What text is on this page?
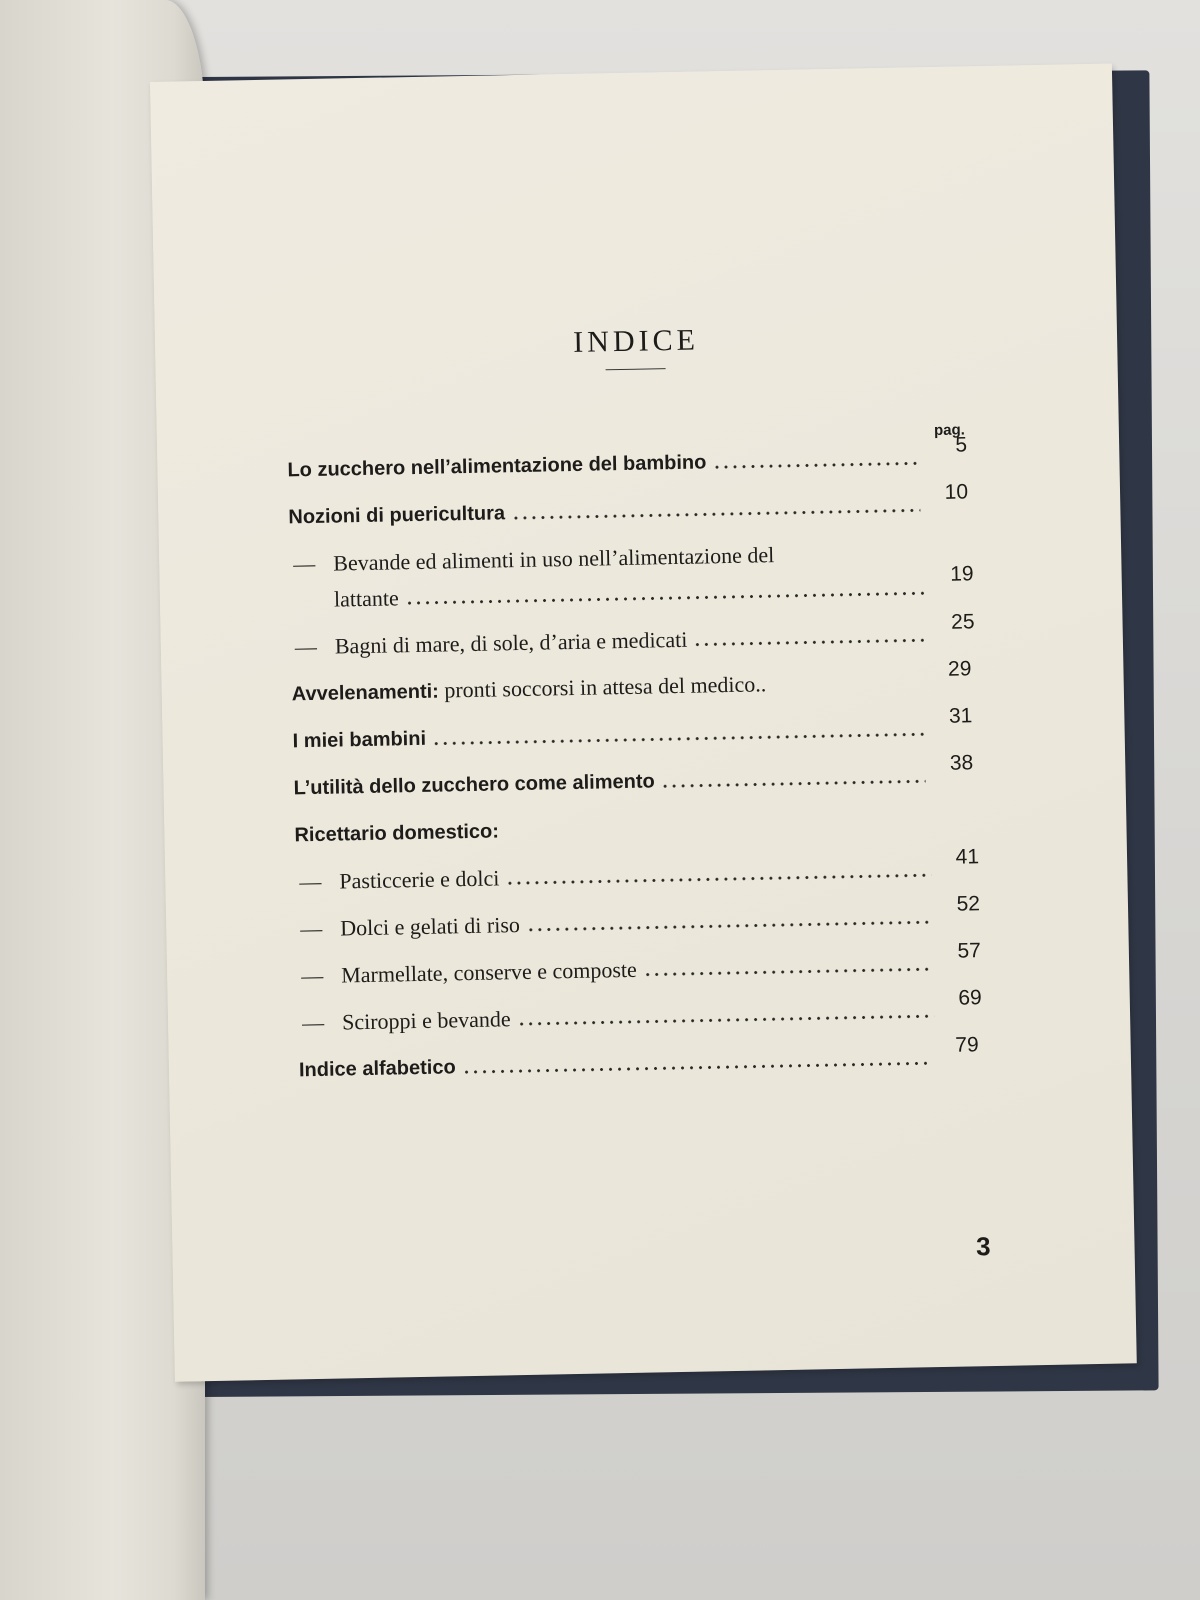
INDICE
pag.
Lo zucchero nell’alimentazione del bambino
5
Nozioni di puericultura
10
— Bevande ed alimenti in uso nell’alimentazione del
lattante
19
— Bagni di mare, di sole, d’aria e medicati
25
Avvelenamenti: pronti soccorsi in attesa del medico..
29
I miei bambini
31
L’utilità dello zucchero come alimento
38
Ricettario domestico:
— Pasticcerie e dolci
41
— Dolci e gelati di riso
52
— Marmellate, conserve e composte
57
— Sciroppi e bevande
69
Indice alfabetico
79
3
